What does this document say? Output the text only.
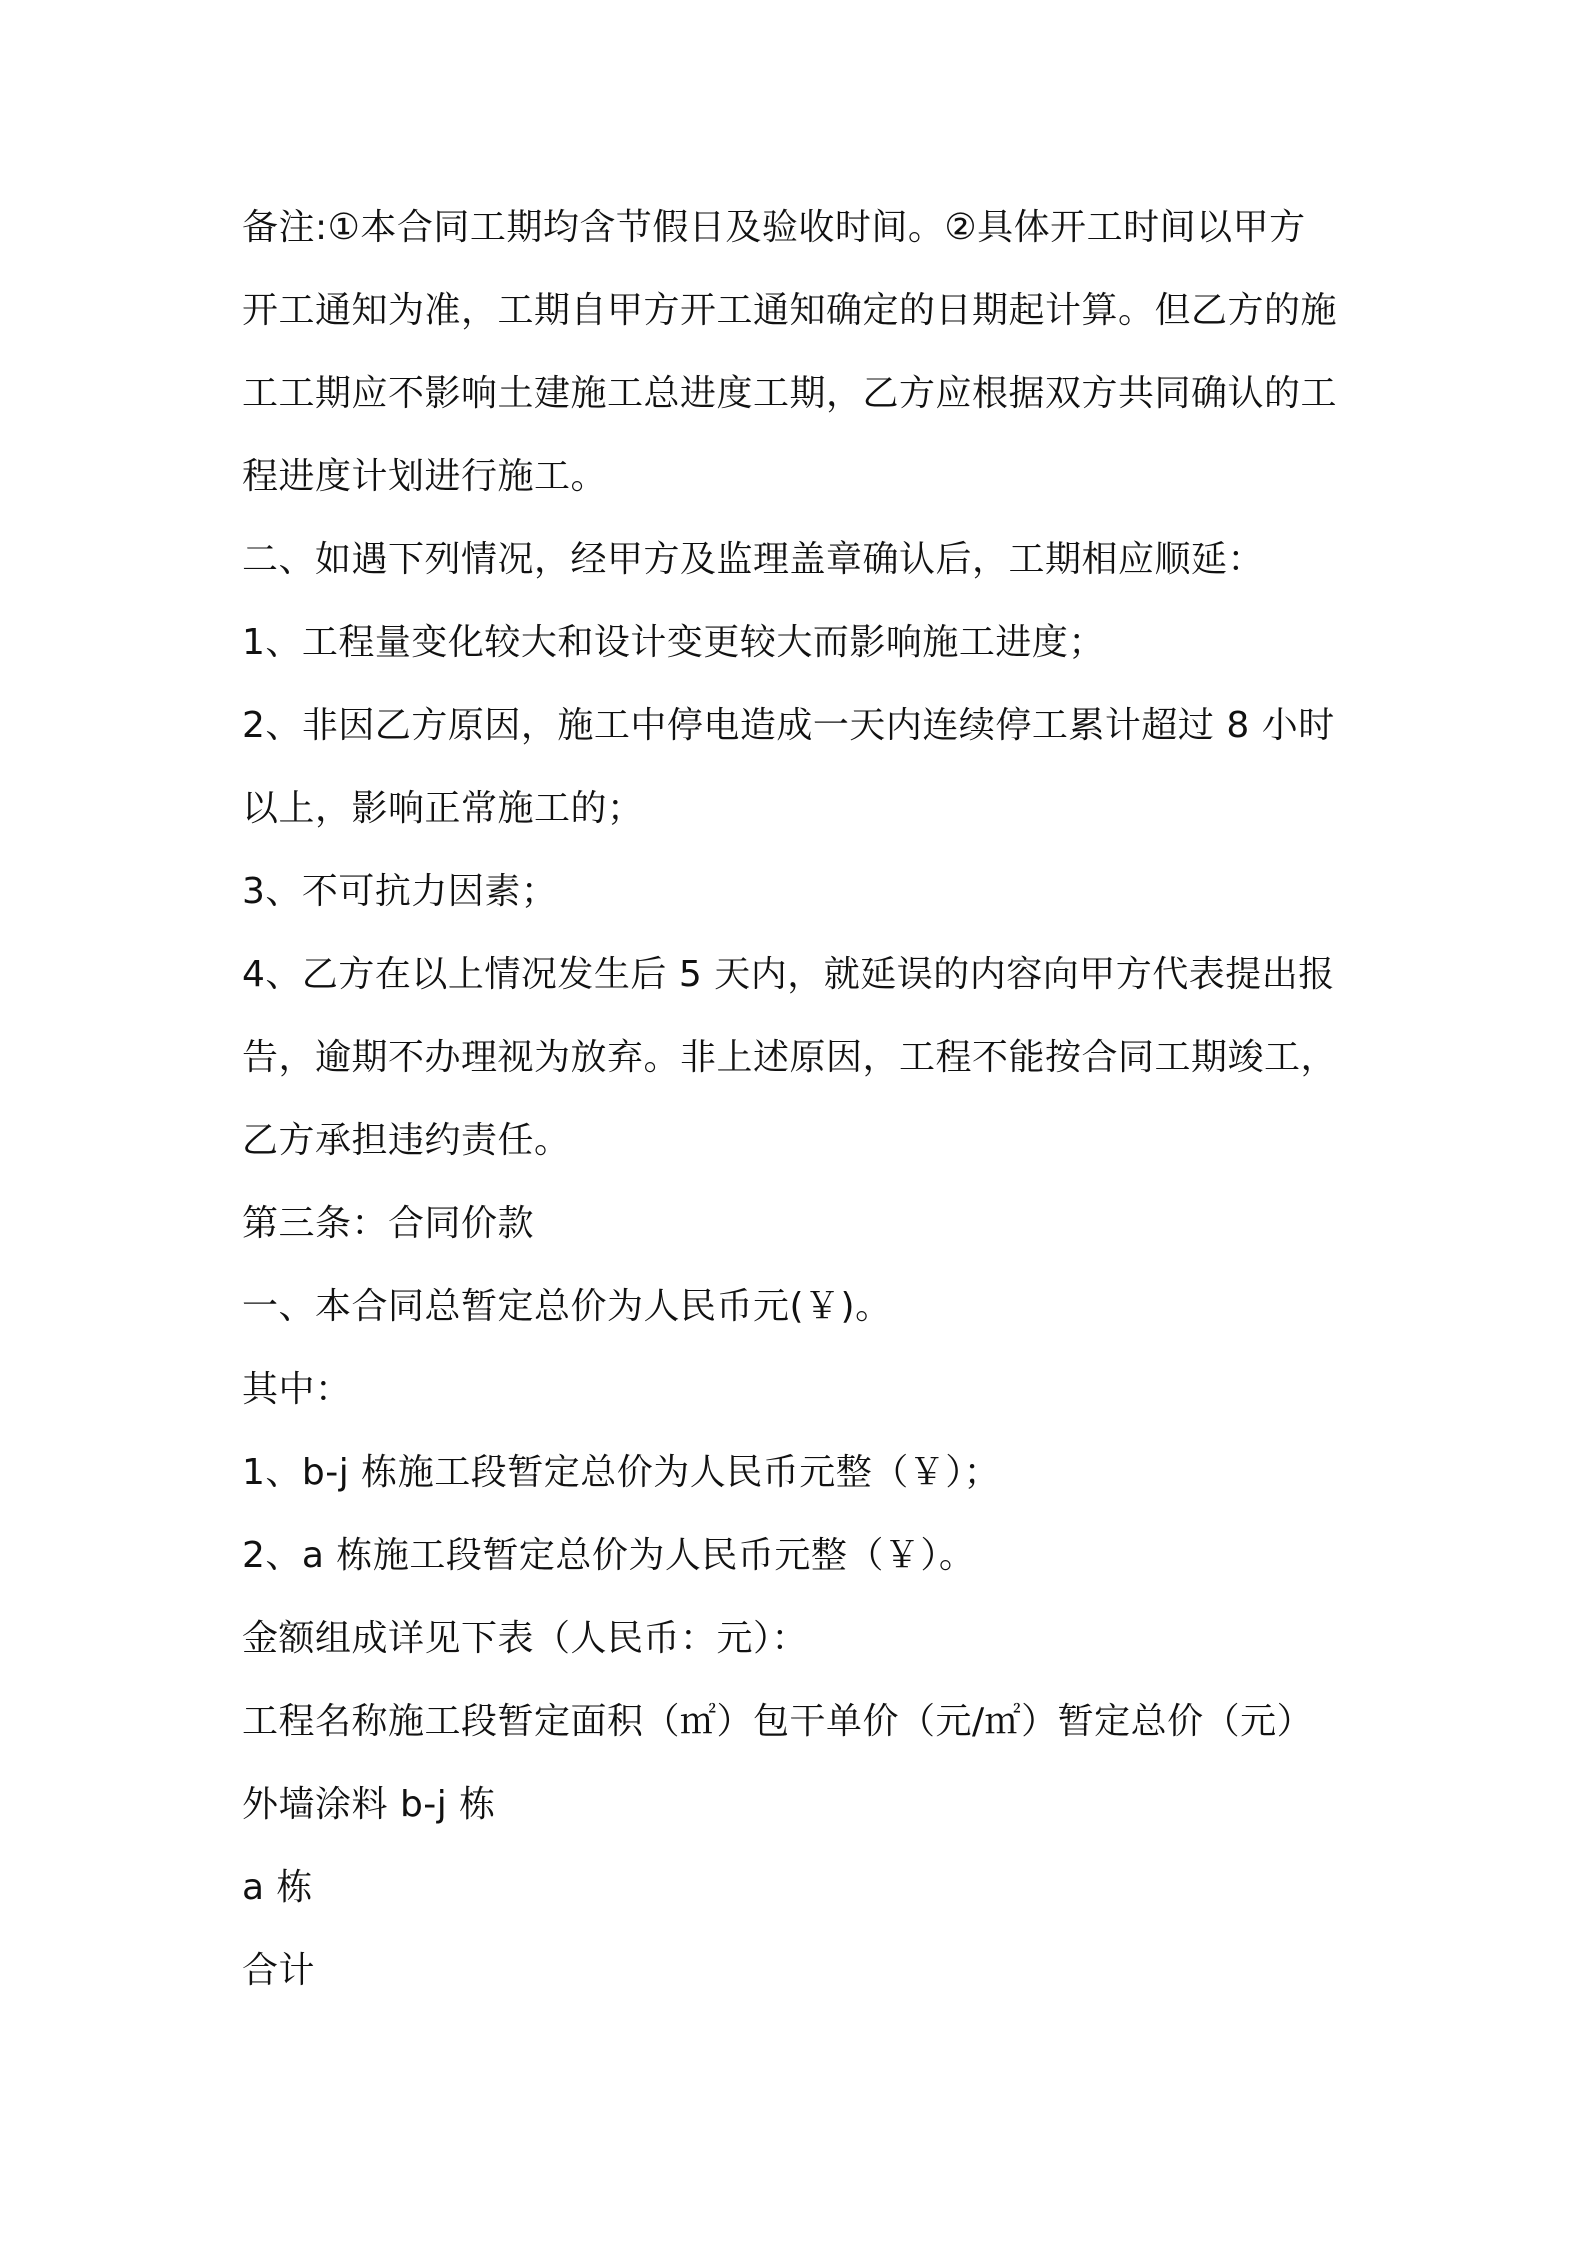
备注:①本合同工期均含节假日及验收时间。②具体开工时间以甲方
开工通知为准，工期自甲方开工通知确定的日期起计算。但乙方的施
工工期应不影响土建施工总进度工期，乙方应根据双方共同确认的工
程进度计划进行施工。
二、如遇下列情况，经甲方及监理盖章确认后，工期相应顺延：
1、工程量变化较大和设计变更较大而影响施工进度；
2、非因乙方原因，施工中停电造成一天内连续停工累计超过 8 小时
以上，影响正常施工的；
3、不可抗力因素；
4、乙方在以上情况发生后 5 天内，就延误的内容向甲方代表提出报
告，逾期不办理视为放弃。非上述原因，工程不能按合同工期竣工，
乙方承担违约责任。
第三条：合同价款
一、本合同总暂定总价为人民币元(￥)。
其中：
1、b-j 栋施工段暂定总价为人民币元整（￥）；
2、a 栋施工段暂定总价为人民币元整（￥）。
金额组成详见下表（人民币：元）：
工程名称施工段暂定面积（㎡）包干单价（元/㎡）暂定总价（元）
外墙涂料 b-j 栋
a 栋
合计
